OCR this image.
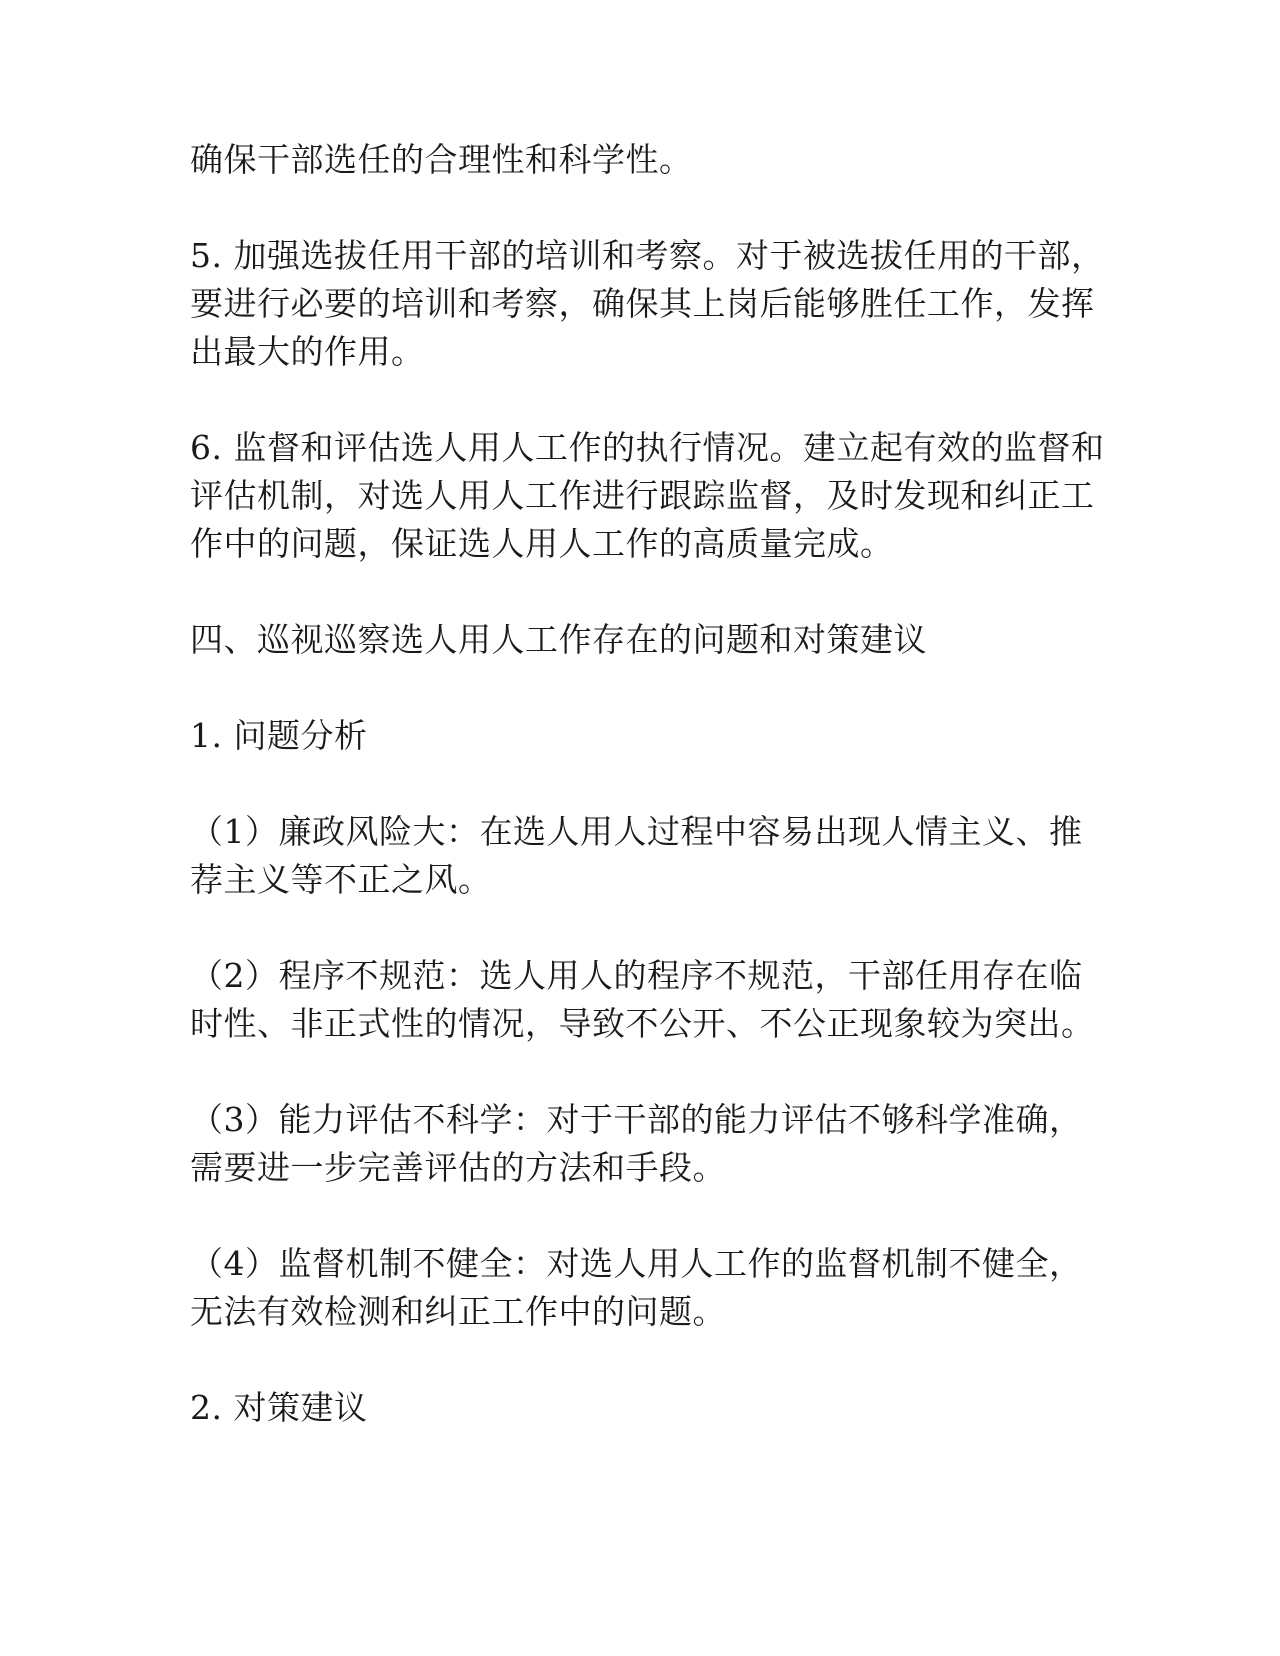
确保干部选任的合理性和科学性。

5. 加强选拔任用干部的培训和考察。对于被选拔任用的干部，
要进行必要的培训和考察，确保其上岗后能够胜任工作，发挥
出最大的作用。

6. 监督和评估选人用人工作的执行情况。建立起有效的监督和
评估机制，对选人用人工作进行跟踪监督，及时发现和纠正工
作中的问题，保证选人用人工作的高质量完成。

四、巡视巡察选人用人工作存在的问题和对策建议

1. 问题分析

（1）廉政风险大：在选人用人过程中容易出现人情主义、推
荐主义等不正之风。

（2）程序不规范：选人用人的程序不规范，干部任用存在临
时性、非正式性的情况，导致不公开、不公正现象较为突出。

（3）能力评估不科学：对于干部的能力评估不够科学准确，
需要进一步完善评估的方法和手段。

（4）监督机制不健全：对选人用人工作的监督机制不健全，
无法有效检测和纠正工作中的问题。

2. 对策建议
